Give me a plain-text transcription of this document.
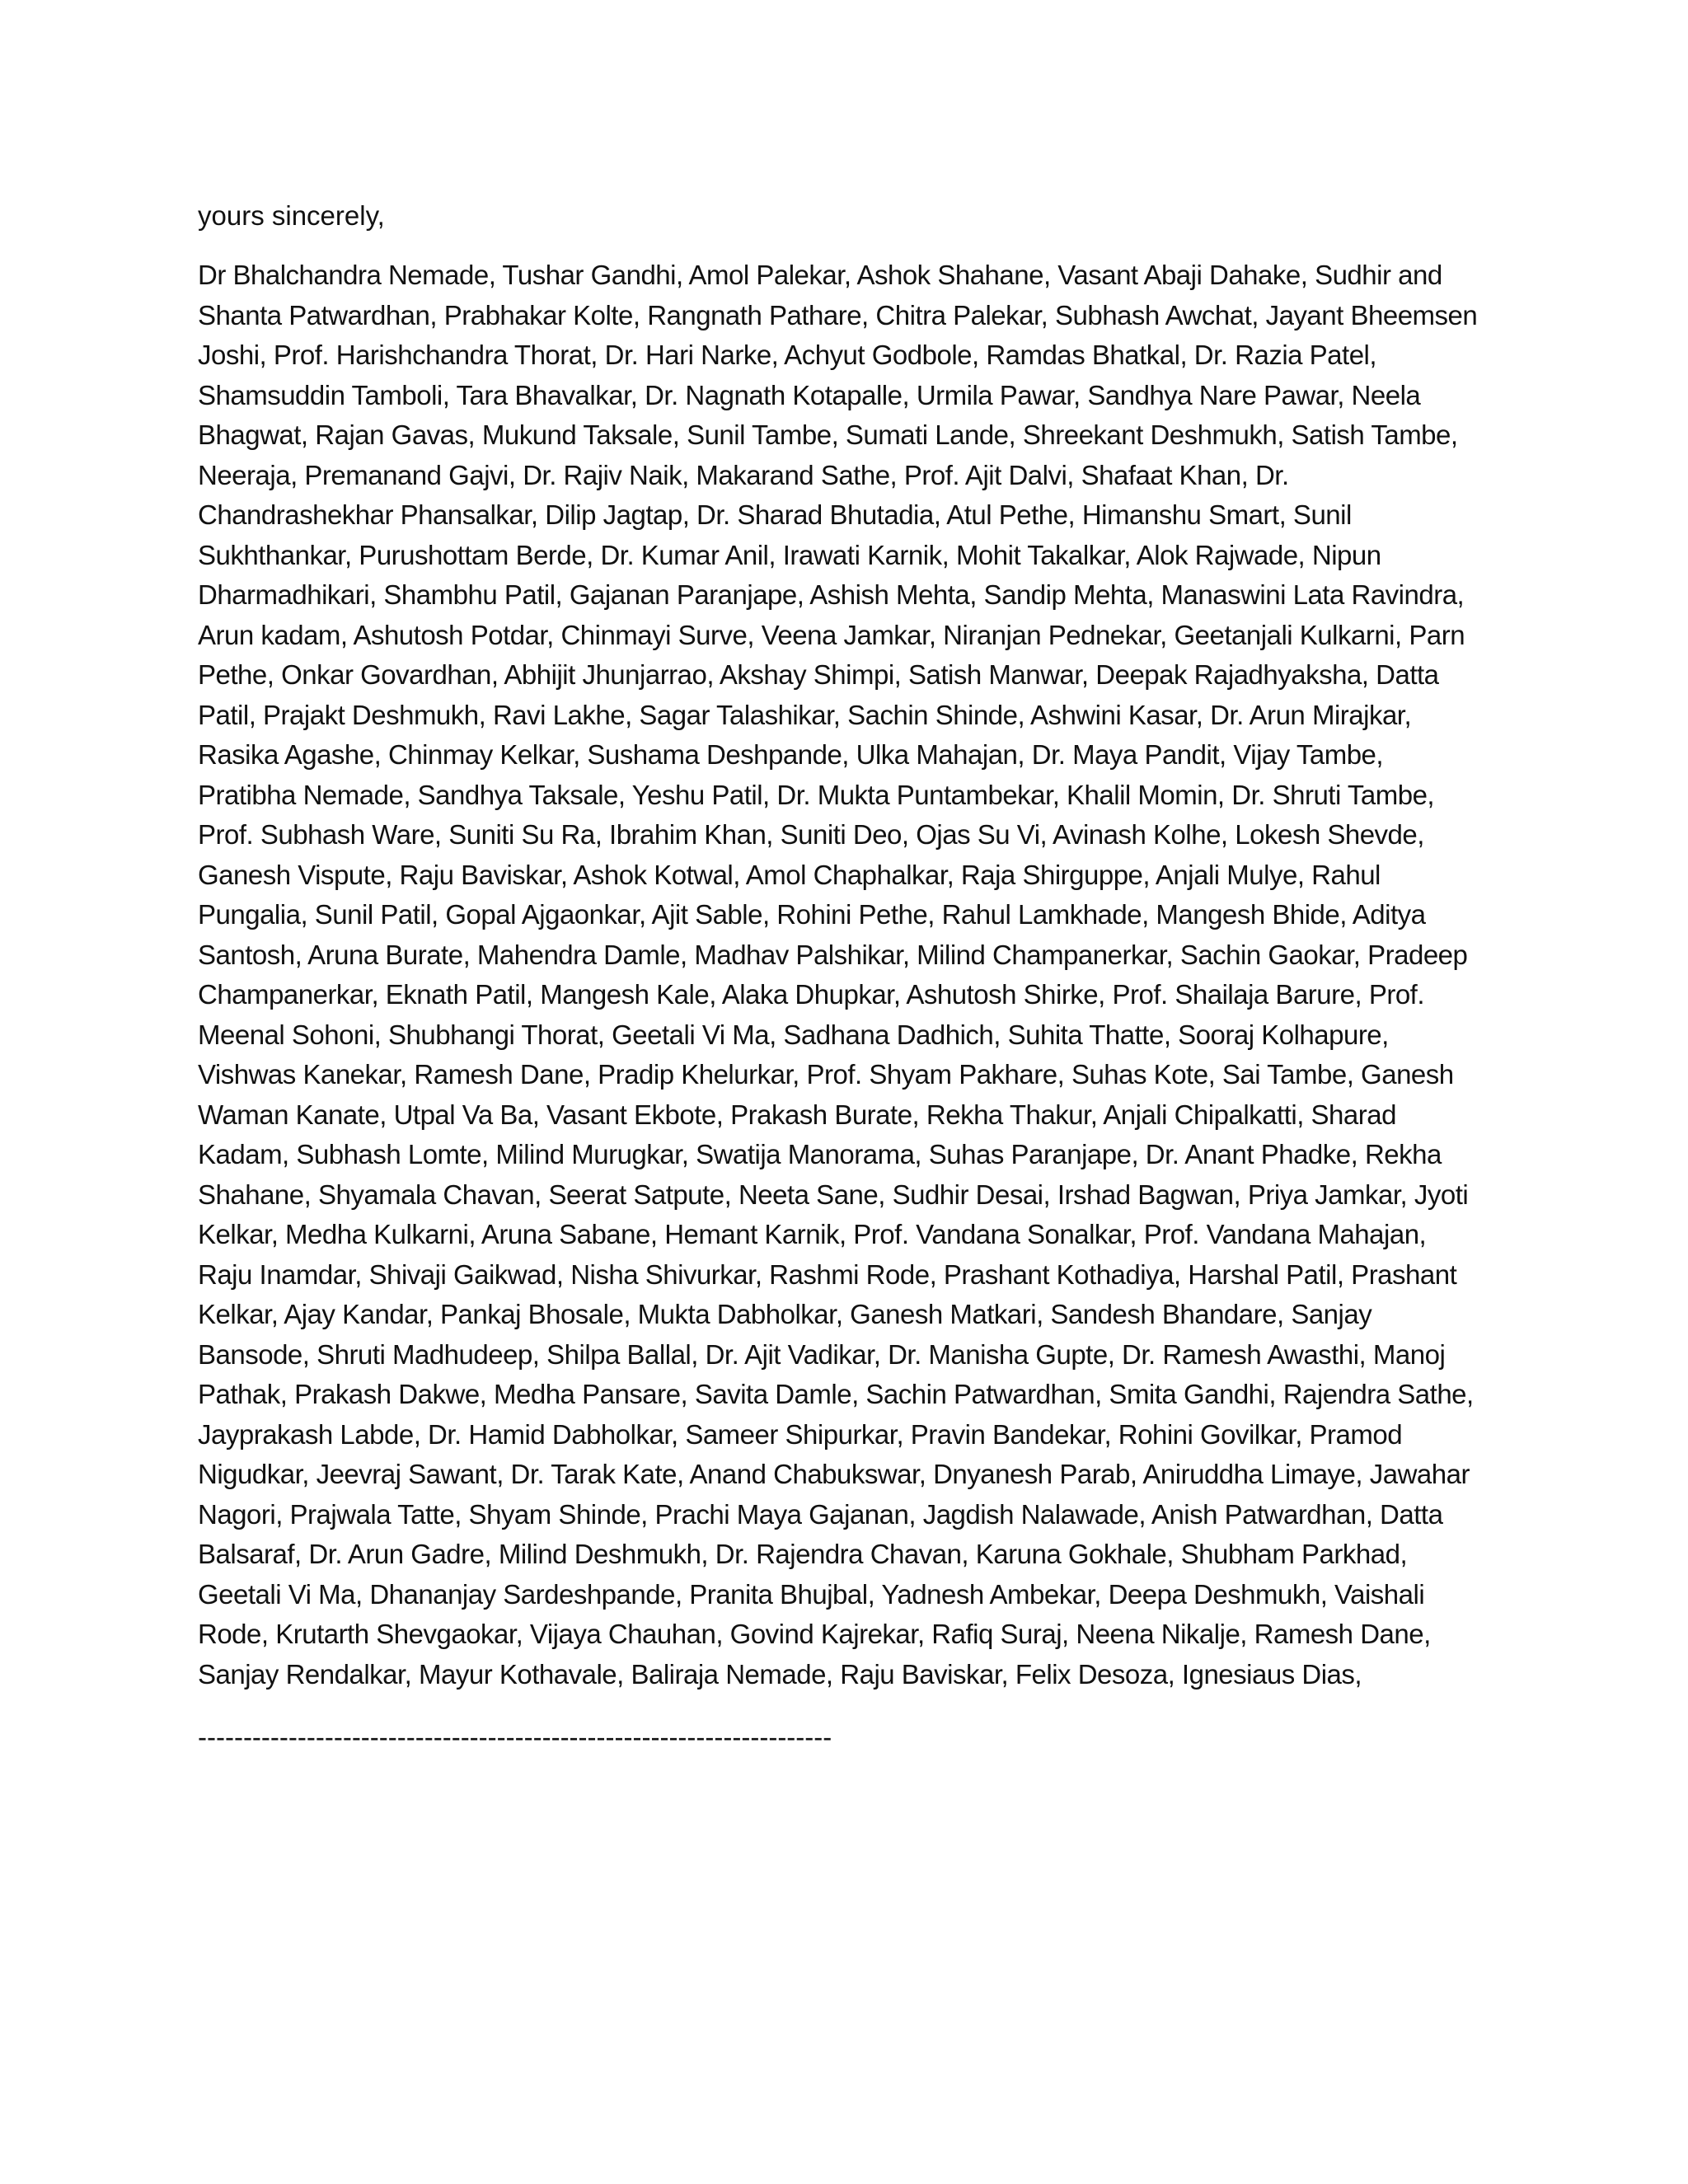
yours sincerely,

Dr Bhalchandra Nemade, Tushar Gandhi, Amol Palekar, Ashok Shahane, Vasant Abaji Dahake, Sudhir and Shanta Patwardhan, Prabhakar Kolte, Rangnath Pathare, Chitra Palekar, Subhash Awchat, Jayant Bheemsen Joshi, Prof. Harishchandra Thorat, Dr. Hari Narke, Achyut Godbole, Ramdas Bhatkal, Dr. Razia Patel, Shamsuddin Tamboli, Tara Bhavalkar, Dr. Nagnath Kotapalle, Urmila Pawar, Sandhya Nare Pawar, Neela Bhagwat, Rajan Gavas, Mukund Taksale, Sunil Tambe, Sumati Lande, Shreekant Deshmukh, Satish Tambe, Neeraja, Premanand Gajvi, Dr. Rajiv Naik, Makarand Sathe, Prof. Ajit Dalvi, Shafaat Khan, Dr. Chandrashekhar Phansalkar, Dilip Jagtap, Dr. Sharad Bhutadia, Atul Pethe, Himanshu Smart, Sunil Sukhthankar, Purushottam Berde, Dr. Kumar Anil, Irawati Karnik, Mohit Takalkar, Alok Rajwade, Nipun Dharmadhikari, Shambhu Patil, Gajanan Paranjape, Ashish Mehta, Sandip Mehta, Manaswini Lata Ravindra, Arun kadam, Ashutosh Potdar, Chinmayi Surve, Veena Jamkar, Niranjan Pednekar, Geetanjali Kulkarni, Parn Pethe, Onkar Govardhan, Abhijit Jhunjarrao, Akshay Shimpi, Satish Manwar, Deepak Rajadhyaksha, Datta Patil, Prajakt Deshmukh, Ravi Lakhe, Sagar Talashikar, Sachin Shinde, Ashwini Kasar, Dr. Arun Mirajkar, Rasika Agashe, Chinmay Kelkar, Sushama Deshpande, Ulka Mahajan, Dr. Maya Pandit, Vijay Tambe, Pratibha Nemade, Sandhya Taksale, Yeshu Patil, Dr. Mukta Puntambekar, Khalil Momin, Dr. Shruti Tambe, Prof. Subhash Ware, Suniti Su Ra, Ibrahim Khan, Suniti Deo, Ojas Su Vi, Avinash Kolhe, Lokesh Shevde, Ganesh Vispute, Raju Baviskar, Ashok Kotwal, Amol Chaphalkar, Raja Shirguppe, Anjali Mulye, Rahul Pungalia, Sunil Patil, Gopal Ajgaonkar, Ajit Sable, Rohini Pethe, Rahul Lamkhade, Mangesh Bhide, Aditya Santosh, Aruna Burate, Mahendra Damle, Madhav Palshikar, Milind Champanerkar, Sachin Gaokar, Pradeep Champanerkar, Eknath Patil, Mangesh Kale, Alaka Dhupkar, Ashutosh Shirke, Prof. Shailaja Barure, Prof. Meenal Sohoni, Shubhangi Thorat, Geetali Vi Ma, Sadhana Dadhich, Suhita Thatte, Sooraj Kolhapure, Vishwas Kanekar, Ramesh Dane, Pradip Khelurkar, Prof. Shyam Pakhare, Suhas Kote, Sai Tambe, Ganesh Waman Kanate, Utpal Va Ba, Vasant Ekbote, Prakash Burate, Rekha Thakur, Anjali Chipalkatti, Sharad Kadam, Subhash Lomte, Milind Murugkar, Swatija Manorama, Suhas Paranjape, Dr. Anant Phadke, Rekha Shahane, Shyamala Chavan, Seerat Satpute, Neeta Sane, Sudhir Desai, Irshad Bagwan, Priya Jamkar, Jyoti Kelkar, Medha Kulkarni, Aruna Sabane, Hemant Karnik, Prof. Vandana Sonalkar, Prof. Vandana Mahajan, Raju Inamdar, Shivaji Gaikwad, Nisha Shivurkar, Rashmi Rode, Prashant Kothadiya, Harshal Patil, Prashant Kelkar, Ajay Kandar, Pankaj Bhosale, Mukta Dabholkar, Ganesh Matkari, Sandesh Bhandare, Sanjay Bansode, Shruti Madhudeep, Shilpa Ballal, Dr. Ajit Vadikar, Dr. Manisha Gupte, Dr. Ramesh Awasthi, Manoj Pathak, Prakash Dakwe, Medha Pansare, Savita Damle, Sachin Patwardhan, Smita Gandhi, Rajendra Sathe, Jayprakash Labde, Dr. Hamid Dabholkar, Sameer Shipurkar, Pravin Bandekar, Rohini Govilkar, Pramod Nigudkar, Jeevraj Sawant, Dr. Tarak Kate, Anand Chabukswar, Dnyanesh Parab, Aniruddha Limaye, Jawahar Nagori, Prajwala Tatte, Shyam Shinde, Prachi Maya Gajanan, Jagdish Nalawade, Anish Patwardhan, Datta Balsaraf, Dr. Arun Gadre, Milind Deshmukh, Dr. Rajendra Chavan, Karuna Gokhale, Shubham Parkhad, Geetali Vi Ma, Dhananjay Sardeshpande, Pranita Bhujbal, Yadnesh Ambekar, Deepa Deshmukh, Vaishali Rode, Krutarth Shevgaokar, Vijaya Chauhan, Govind Kajrekar, Rafiq Suraj, Neena Nikalje, Ramesh Dane, Sanjay Rendalkar, Mayur Kothavale, Baliraja Nemade, Raju Baviskar, Felix Desoza, Ignesiaus Dias,

----------------------------------------------------------------------
